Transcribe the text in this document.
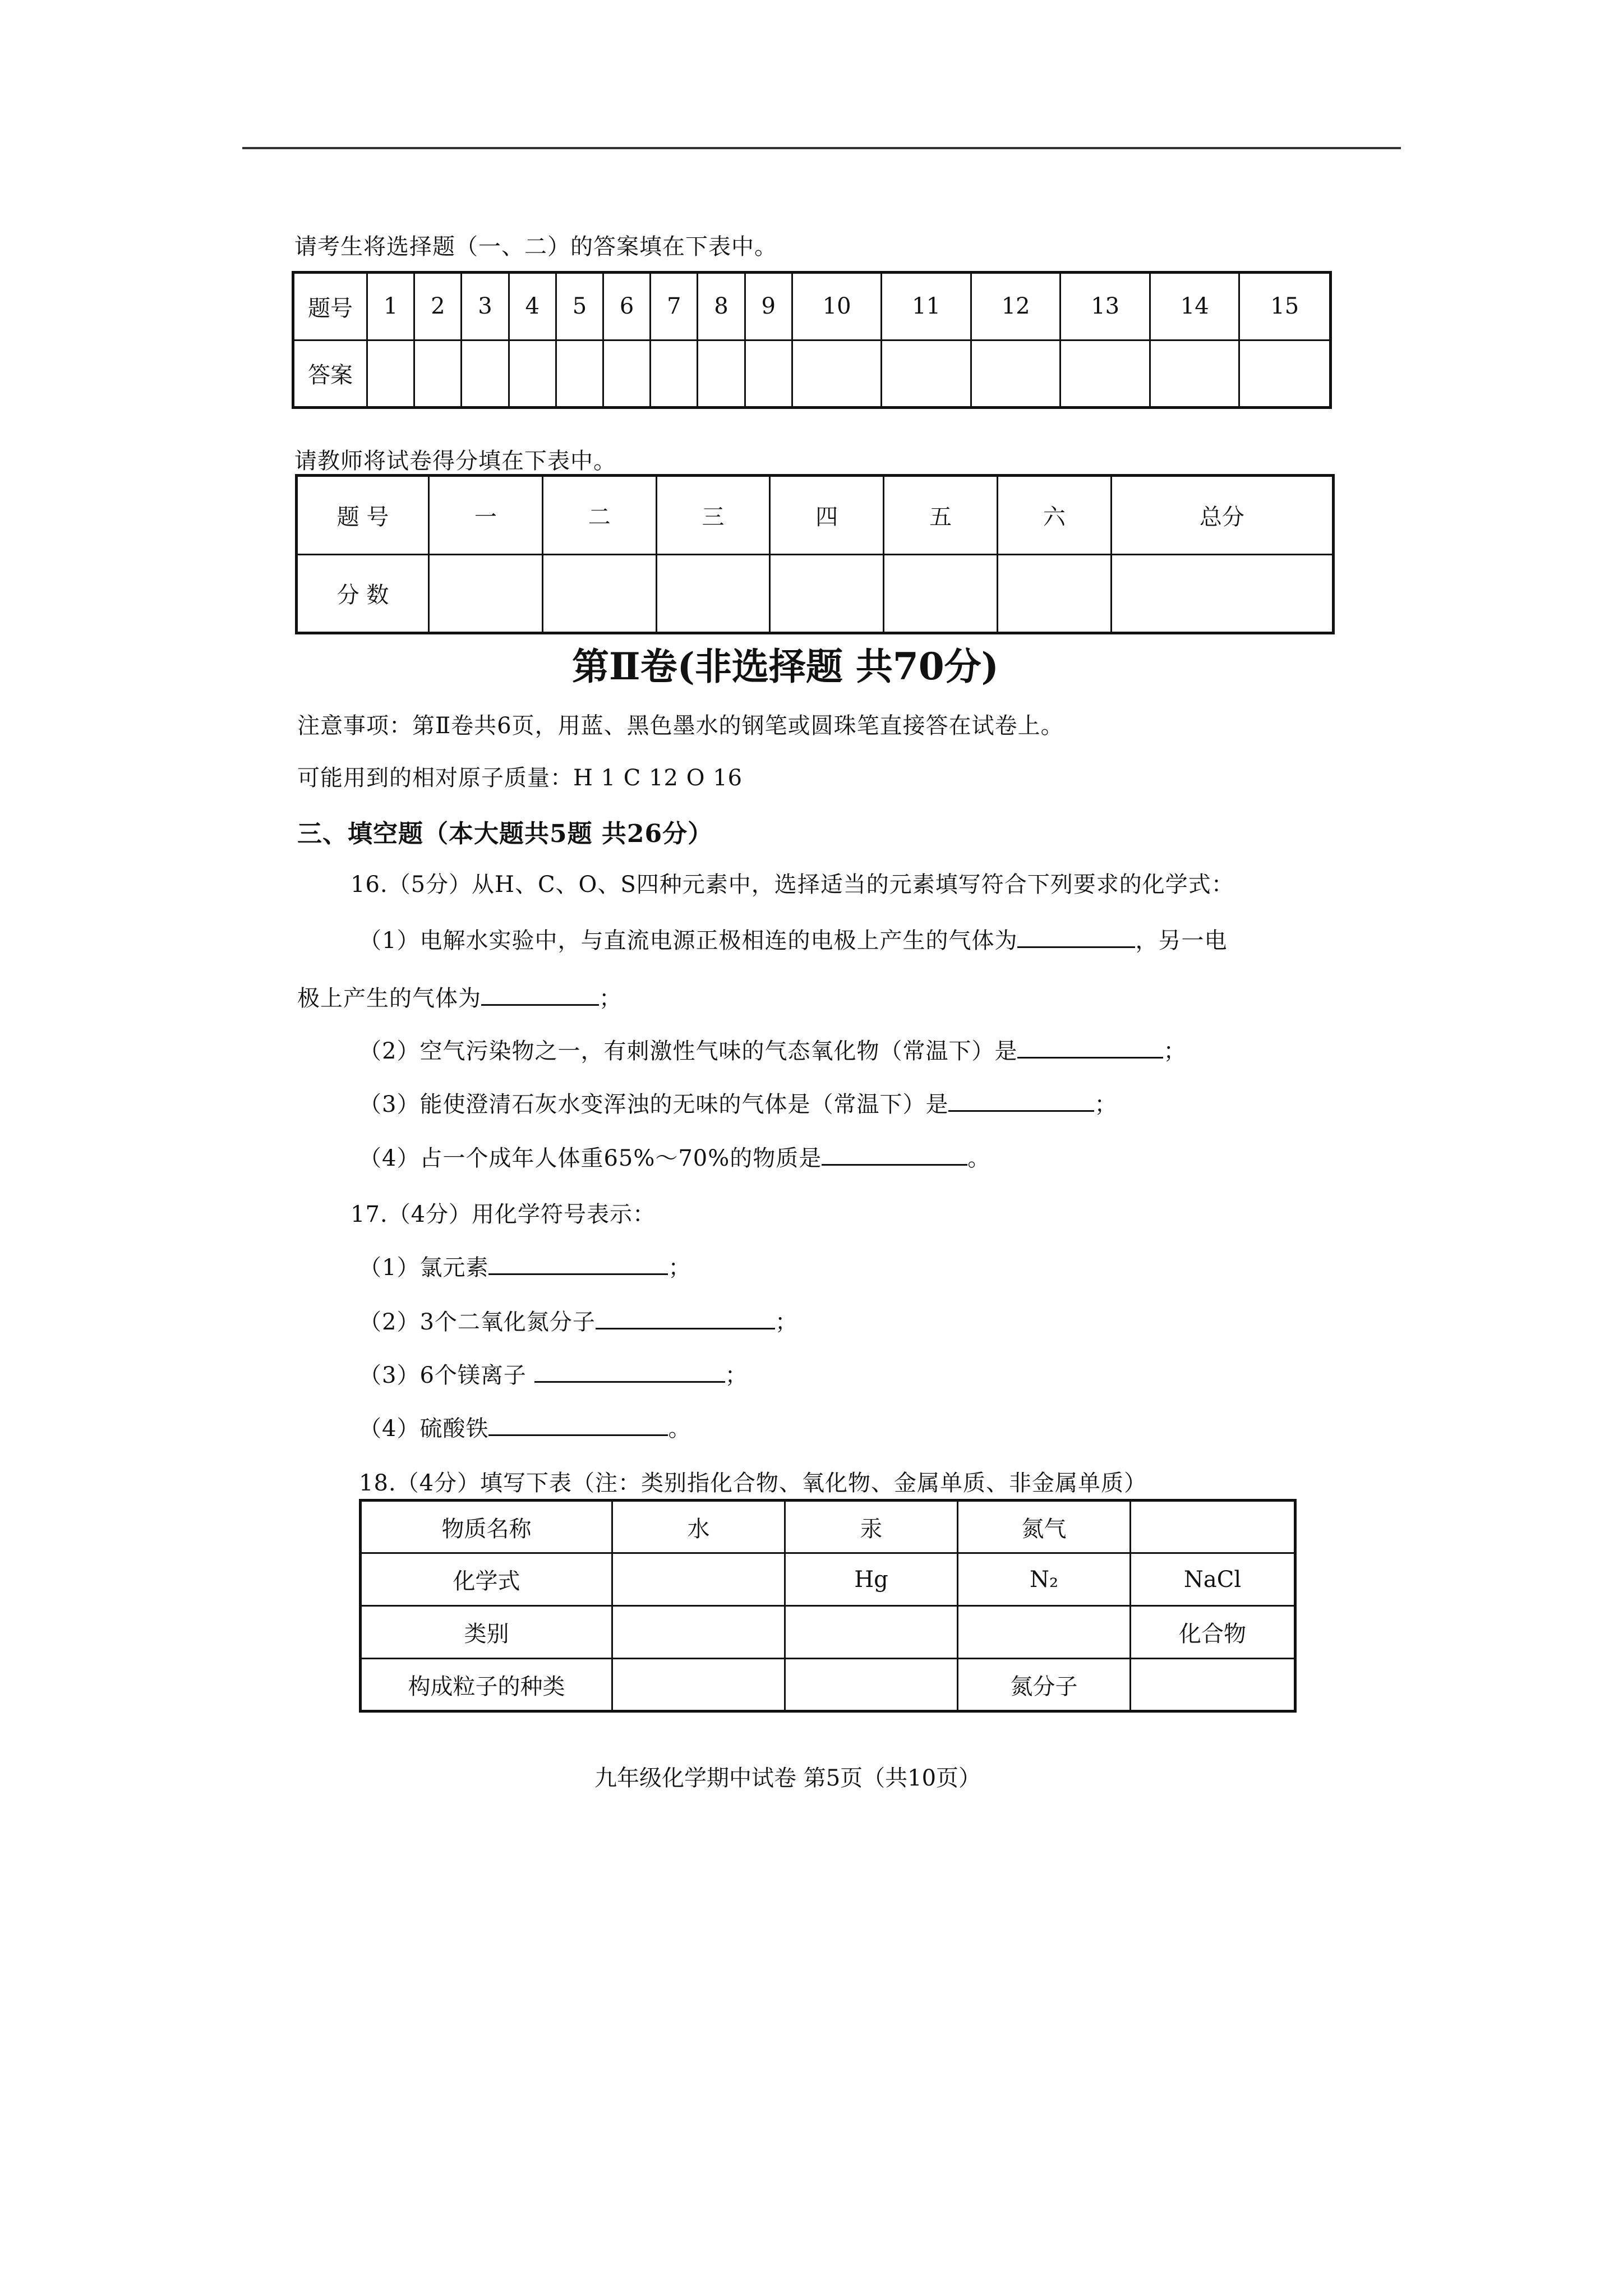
请考生将选择题（一、二）的答案填在下表中。
题号	1	2	3	4	5	6	7	8	9	10	11	12	13	14	15
答案															
请教师将试卷得分填在下表中。
题 号	一	二	三	四	五	六	总分
分 数							
第Ⅱ卷(非选择题 共70分)
注意事项：第Ⅱ卷共6页，用蓝、黑色墨水的钢笔或圆珠笔直接答在试卷上。
可能用到的相对原子质量：H 1 C 12 O 16
三、填空题（本大题共5题 共26分）
16.（5分）从H、C、O、S四种元素中，选择适当的元素填写符合下列要求的化学式：
（1）电解水实验中，与直流电源正极相连的电极上产生的气体为	，另一电
极上产生的气体为	；
（2）空气污染物之一，有刺激性气味的气态氧化物（常温下）是	；
（3）能使澄清石灰水变浑浊的无味的气体是（常温下）是	；
（4）占一个成年人体重65%～70%的物质是	。
17.（4分）用化学符号表示：
（1）氯元素	；
（2）3个二氧化氮分子	；
（3）6个镁离子	；
（4）硫酸铁	。
18.（4分）填写下表（注：类别指化合物、氧化物、金属单质、非金属单质）
物质名称	水	汞	氮气	
化学式		Hg	N₂	NaCl
类别				化合物
构成粒子的种类			氮分子	
九年级化学期中试卷 第5页（共10页）
